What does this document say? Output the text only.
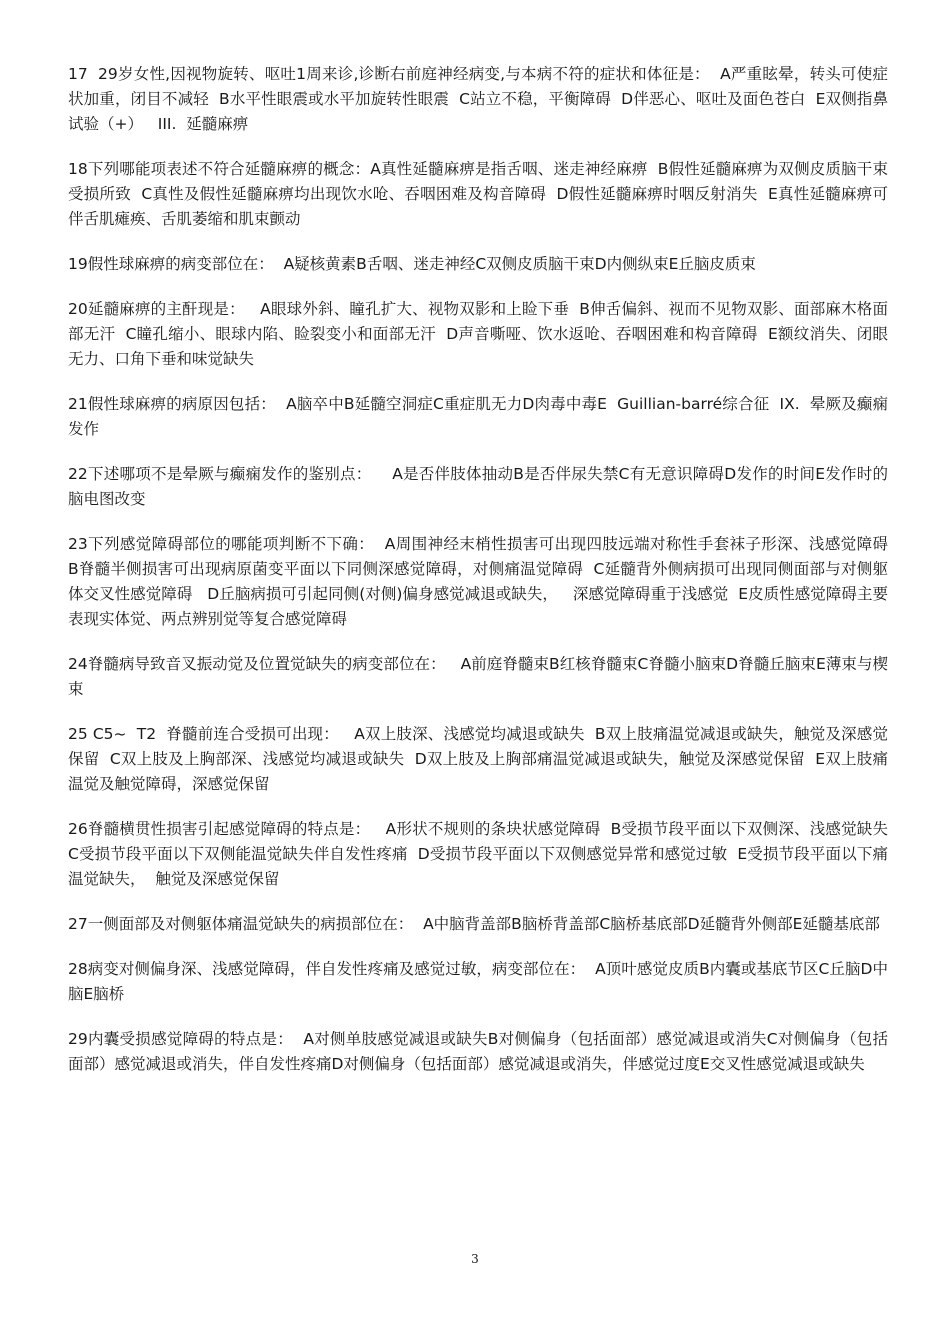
17  29岁女性,因视物旋转、呕吐1周来诊,诊断右前庭神经病变,与本病不符的症状和体征是：  A严重眩晕，转头可使症状加重，闭目不减轻  B水平性眼震或水平加旋转性眼震  C站立不稳，平衡障碍  D伴恶心、呕吐及面色苍白  E双侧指鼻试验（+）   III.  延髓麻痹

18下列哪能项表述不符合延髓麻痹的概念：A真性延髓麻痹是指舌咽、迷走神经麻痹  B假性延髓麻痹为双侧皮质脑干束受损所致  C真性及假性延髓麻痹均出现饮水呛、吞咽困难及构音障碍  D假性延髓麻痹时咽反射消失  E真性延髓麻痹可伴舌肌瘫痪、舌肌萎缩和肌束颤动

19假性球麻痹的病变部位在：  A疑核黄素B舌咽、迷走神经C双侧皮质脑干束D内侧纵束E丘脑皮质束

20延髓麻痹的主酐现是：   A眼球外斜、瞳孔扩大、视物双影和上睑下垂  B伸舌偏斜、视而不见物双影、面部麻木格面部无汗  C瞳孔缩小、眼球内陷、睑裂变小和面部无汗  D声音嘶哑、饮水返呛、吞咽困难和构音障碍  E额纹消失、闭眼无力、口角下垂和味觉缺失

21假性球麻痹的病原因包括：  A脑卒中B延髓空洞症C重症肌无力D肉毒中毒E  Guillian-barré综合征  IX.  晕厥及癫痫发作

22下述哪项不是晕厥与癫痫发作的鉴别点：    A是否伴肢体抽动B是否伴尿失禁C有无意识障碍D发作的时间E发作时的脑电图改变

23下列感觉障碍部位的哪能项判断不下确：  A周围神经末梢性损害可出现四肢远端对称性手套袜子形深、浅感觉障碍  B脊髓半侧损害可出现病原菌变平面以下同侧深感觉障碍，对侧痛温觉障碍  C延髓背外侧病损可出现同侧面部与对侧躯体交叉性感觉障碍   D丘脑病损可引起同侧(对侧)偏身感觉减退或缺失，   深感觉障碍重于浅感觉  E皮质性感觉障碍主要表现实体觉、两点辨别觉等复合感觉障碍

24脊髓病导致音叉振动觉及位置觉缺失的病变部位在：   A前庭脊髓束B红核脊髓束C脊髓小脑束D脊髓丘脑束E薄束与楔束

25 C5~  T2  脊髓前连合受损可出现：   A双上肢深、浅感觉均减退或缺失  B双上肢痛温觉减退或缺失，触觉及深感觉保留  C双上肢及上胸部深、浅感觉均减退或缺失  D双上肢及上胸部痛温觉减退或缺失，触觉及深感觉保留  E双上肢痛温觉及触觉障碍，深感觉保留

26脊髓横贯性损害引起感觉障碍的特点是：   A形状不规则的条块状感觉障碍  B受损节段平面以下双侧深、浅感觉缺失  C受损节段平面以下双侧能温觉缺失伴自发性疼痛  D受损节段平面以下双侧感觉异常和感觉过敏  E受损节段平面以下痛温觉缺失，  触觉及深感觉保留

27一侧面部及对侧躯体痛温觉缺失的病损部位在：  A中脑背盖部B脑桥背盖部C脑桥基底部D延髓背外侧部E延髓基底部

28病变对侧偏身深、浅感觉障碍，伴自发性疼痛及感觉过敏，病变部位在：  A顶叶感觉皮质B内囊或基底节区C丘脑D中脑E脑桥

29内囊受损感觉障碍的特点是：  A对侧单肢感觉减退或缺失B对侧偏身（包括面部）感觉减退或消失C对侧偏身（包括面部）感觉减退或消失，伴自发性疼痛D对侧偏身（包括面部）感觉减退或消失，伴感觉过度E交叉性感觉减退或缺失

3
